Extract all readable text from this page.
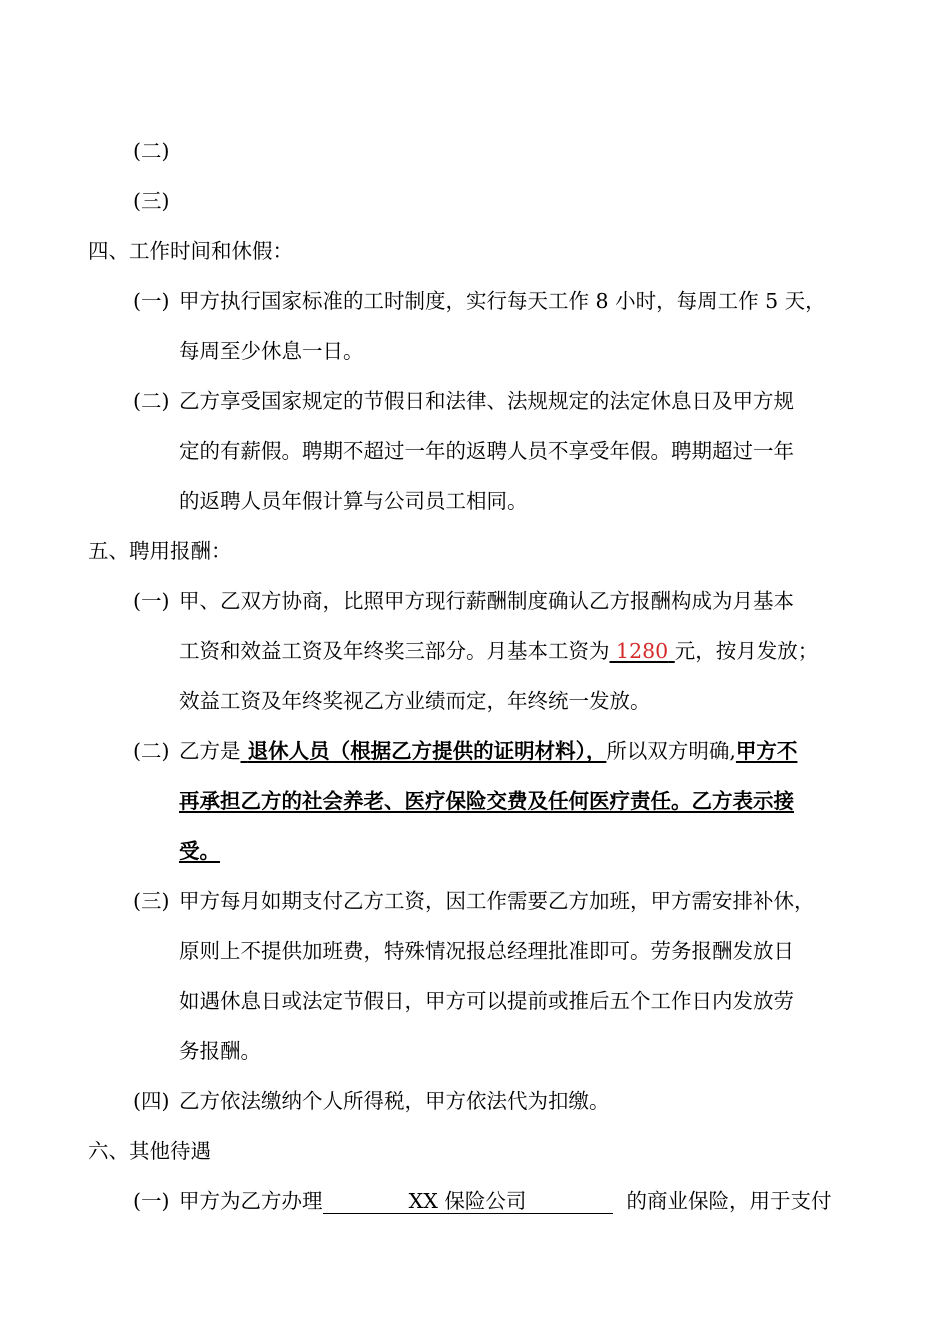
(二)
(三)
四、工作时间和休假：
(一) 甲方执行国家标准的工时制度，实行每天工作 8 小时，每周工作 5 天，
每周至少休息一日。
(二) 乙方享受国家规定的节假日和法律、法规规定的法定休息日及甲方规
定的有薪假。聘期不超过一年的返聘人员不享受年假。聘期超过一年
的返聘人员年假计算与公司员工相同。
五、聘用报酬：
(一) 甲、乙双方协商，比照甲方现行薪酬制度确认乙方报酬构成为月基本
工资和效益工资及年终奖三部分。月基本工资为 1280 元，按月发放；
效益工资及年终奖视乙方业绩而定，年终统一发放。
(二) 乙方是 退休人员（根据乙方提供的证明材料），所以双方明确,甲方不
再承担乙方的社会养老、医疗保险交费及任何医疗责任。乙方表示接
受。
(三) 甲方每月如期支付乙方工资，因工作需要乙方加班，甲方需安排补休，
原则上不提供加班费，特殊情况报总经理批准即可。劳务报酬发放日
如遇休息日或法定节假日，甲方可以提前或推后五个工作日内发放劳
务报酬。
(四) 乙方依法缴纳个人所得税，甲方依法代为扣缴。
六、其他待遇
(一) 甲方为乙方办理	XX 保险公司	的商业保险，用于支付
